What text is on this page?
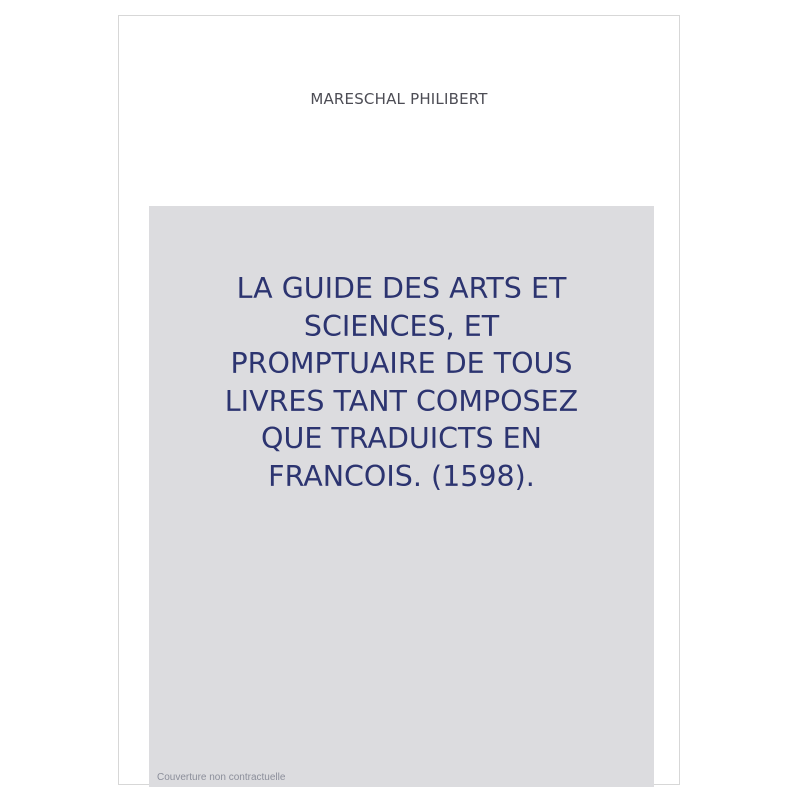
MARESCHAL PHILIBERT
LA GUIDE DES ARTS ET
SCIENCES, ET
PROMPTUAIRE DE TOUS
LIVRES TANT COMPOSEZ
QUE TRADUICTS EN
FRANCOIS. (1598).
Couverture non contractuelle
